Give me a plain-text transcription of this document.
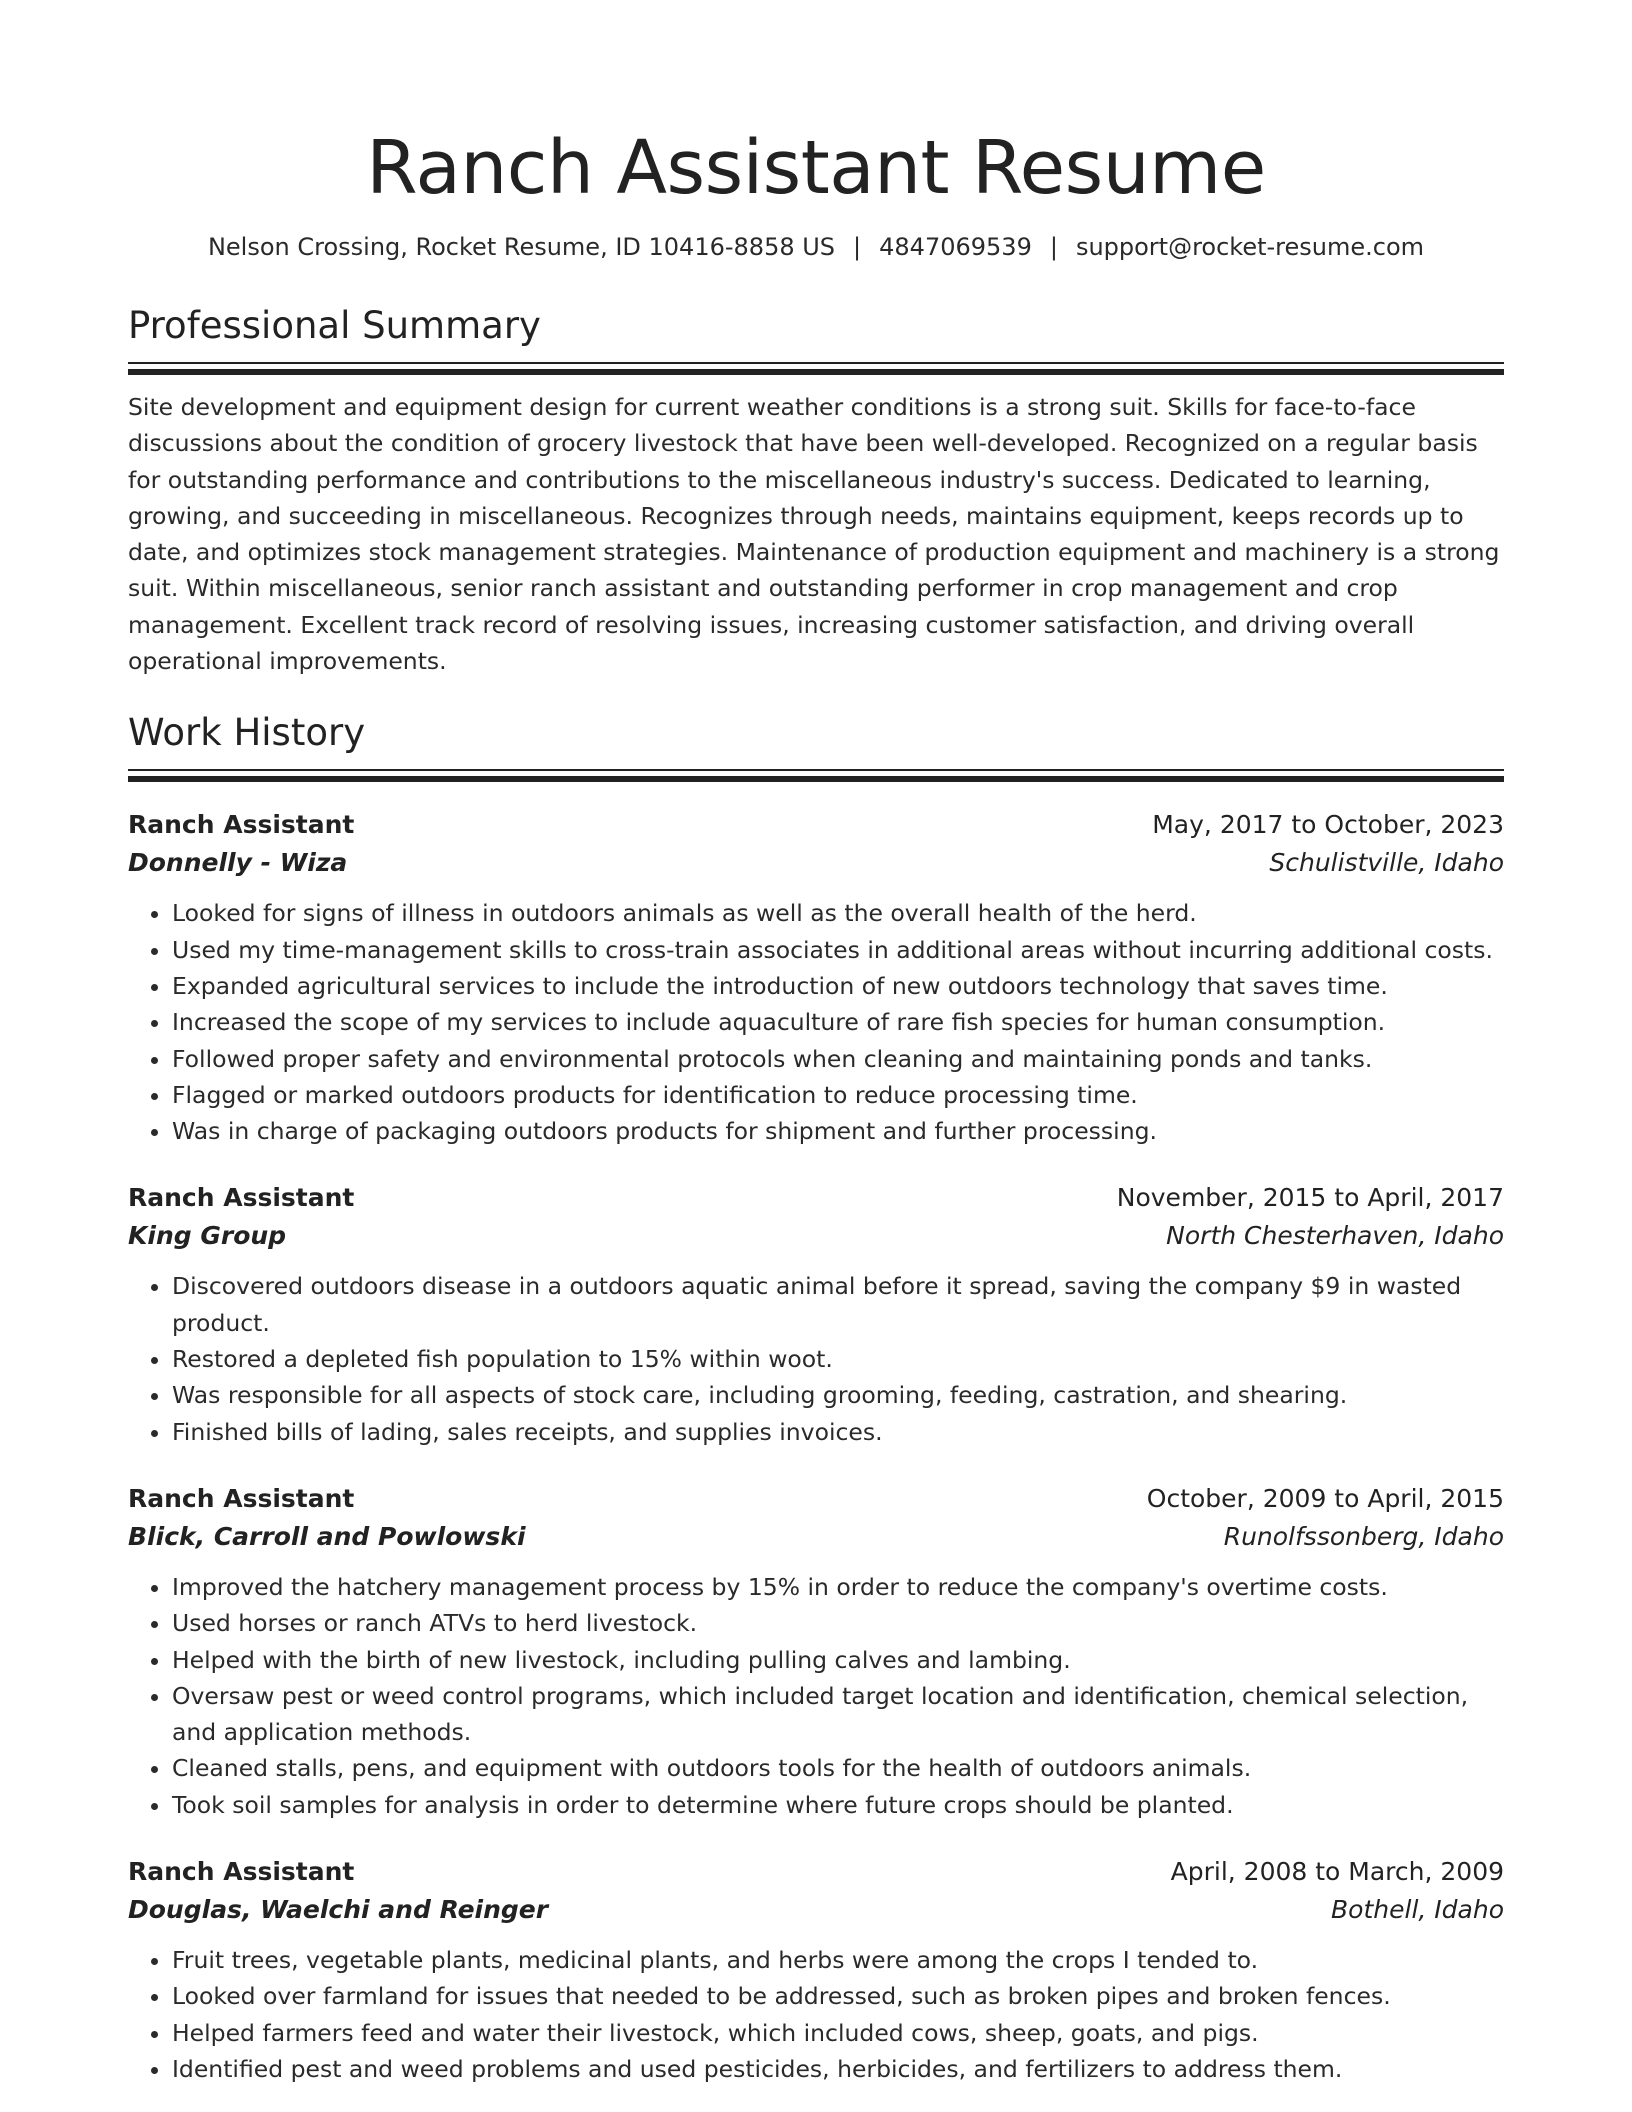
Ranch Assistant Resume
Nelson Crossing, Rocket Resume, ID 10416-8858 US | 4847069539 | support@rocket-resume.com
Professional Summary

Site development and equipment design for current weather conditions is a strong suit. Skills for face-to-face discussions about the condition of grocery livestock that have been well-developed. Recognized on a regular basis for outstanding performance and contributions to the miscellaneous industry's success. Dedicated to learning, growing, and succeeding in miscellaneous. Recognizes through needs, maintains equipment, keeps records up to date, and optimizes stock management strategies. Maintenance of production equipment and machinery is a strong suit. Within miscellaneous, senior ranch assistant and outstanding performer in crop management and crop management. Excellent track record of resolving issues, increasing customer satisfaction, and driving overall operational improvements.

Work History
Ranch Assistant	May, 2017 to October, 2023
Donnelly - Wiza	Schulistville, Idaho
• Looked for signs of illness in outdoors animals as well as the overall health of the herd.
• Used my time-management skills to cross-train associates in additional areas without incurring additional costs.
• Expanded agricultural services to include the introduction of new outdoors technology that saves time.
• Increased the scope of my services to include aquaculture of rare fish species for human consumption.
• Followed proper safety and environmental protocols when cleaning and maintaining ponds and tanks.
• Flagged or marked outdoors products for identification to reduce processing time.
• Was in charge of packaging outdoors products for shipment and further processing.
Ranch Assistant	November, 2015 to April, 2017
King Group	North Chesterhaven, Idaho
• Discovered outdoors disease in a outdoors aquatic animal before it spread, saving the company $9 in wasted product.
• Restored a depleted fish population to 15% within woot.
• Was responsible for all aspects of stock care, including grooming, feeding, castration, and shearing.
• Finished bills of lading, sales receipts, and supplies invoices.
Ranch Assistant	October, 2009 to April, 2015
Blick, Carroll and Powlowski	Runolfssonberg, Idaho
• Improved the hatchery management process by 15% in order to reduce the company's overtime costs.
• Used horses or ranch ATVs to herd livestock.
• Helped with the birth of new livestock, including pulling calves and lambing.
• Oversaw pest or weed control programs, which included target location and identification, chemical selection, and application methods.
• Cleaned stalls, pens, and equipment with outdoors tools for the health of outdoors animals.
• Took soil samples for analysis in order to determine where future crops should be planted.
Ranch Assistant	April, 2008 to March, 2009
Douglas, Waelchi and Reinger	Bothell, Idaho
• Fruit trees, vegetable plants, medicinal plants, and herbs were among the crops I tended to.
• Looked over farmland for issues that needed to be addressed, such as broken pipes and broken fences.
• Helped farmers feed and water their livestock, which included cows, sheep, goats, and pigs.
• Identified pest and weed problems and used pesticides, herbicides, and fertilizers to address them.
